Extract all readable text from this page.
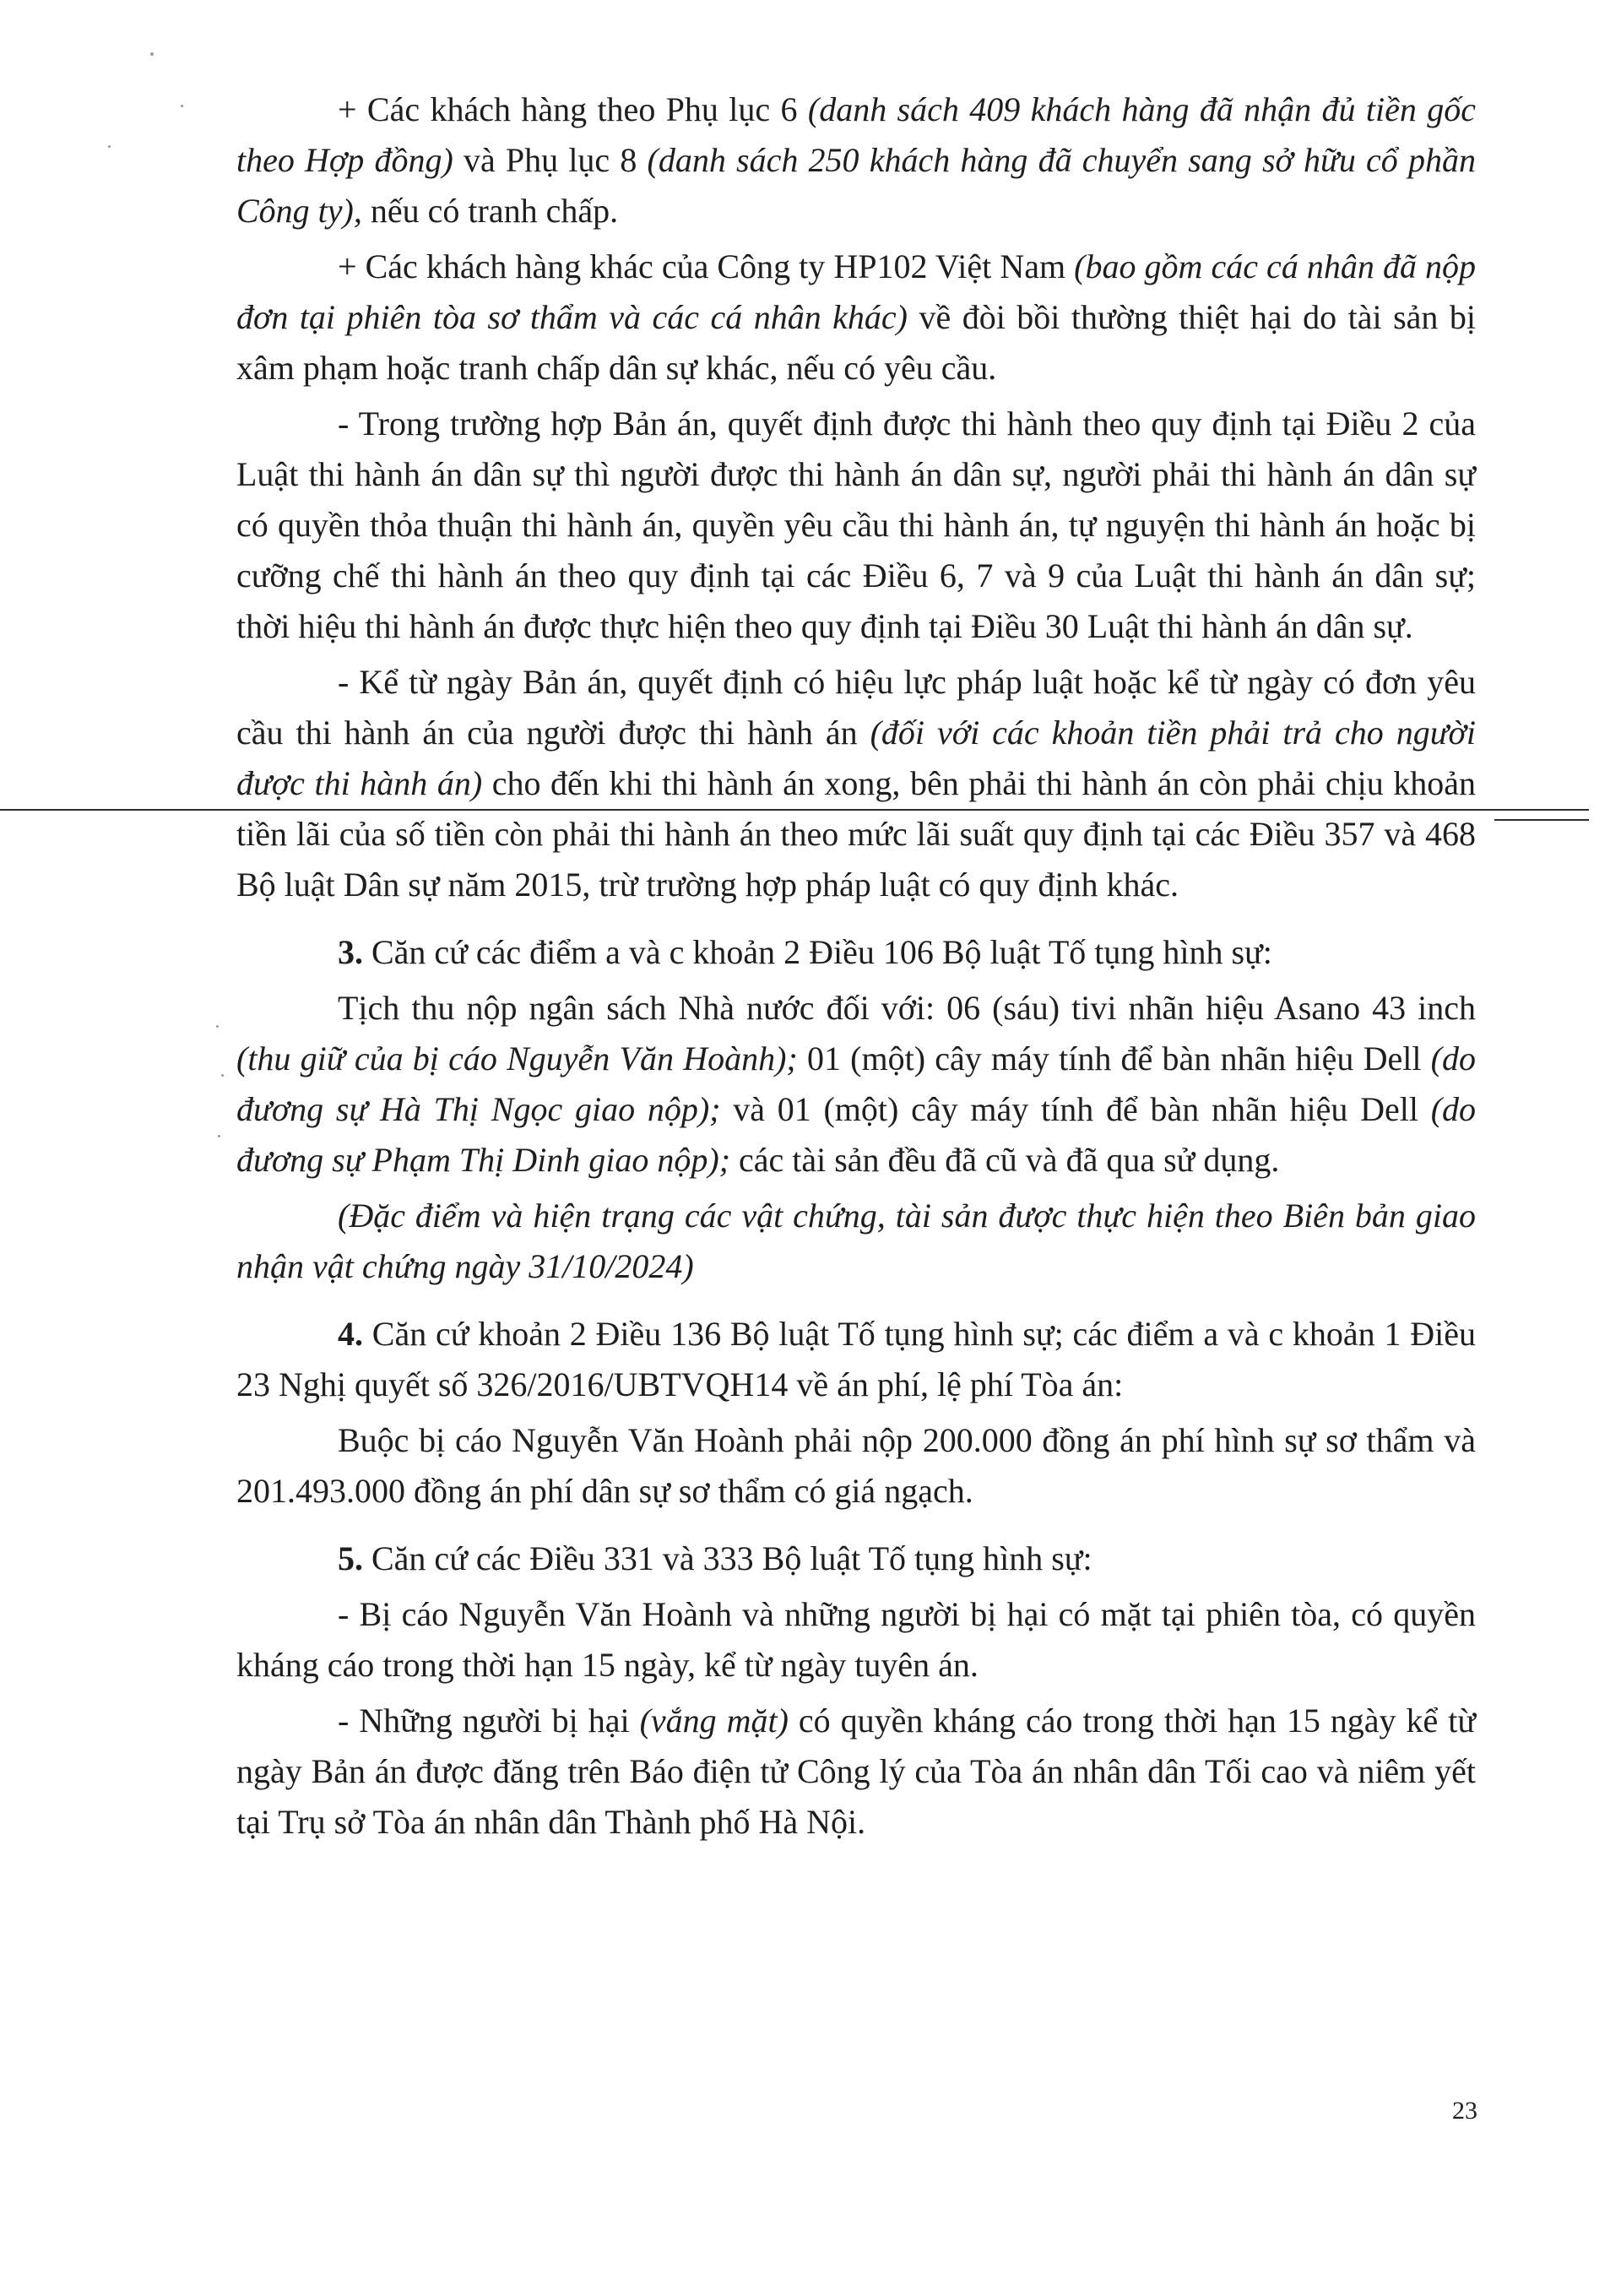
+ Các khách hàng theo Phụ lục 6 (danh sách 409 khách hàng đã nhận đủ tiền gốc theo Hợp đồng) và Phụ lục 8 (danh sách 250 khách hàng đã chuyển sang sở hữu cổ phần Công ty), nếu có tranh chấp.

+ Các khách hàng khác của Công ty HP102 Việt Nam (bao gồm các cá nhân đã nộp đơn tại phiên tòa sơ thẩm và các cá nhân khác) về đòi bồi thường thiệt hại do tài sản bị xâm phạm hoặc tranh chấp dân sự khác, nếu có yêu cầu.

- Trong trường hợp Bản án, quyết định được thi hành theo quy định tại Điều 2 của Luật thi hành án dân sự thì người được thi hành án dân sự, người phải thi hành án dân sự có quyền thỏa thuận thi hành án, quyền yêu cầu thi hành án, tự nguyện thi hành án hoặc bị cưỡng chế thi hành án theo quy định tại các Điều 6, 7 và 9 của Luật thi hành án dân sự; thời hiệu thi hành án được thực hiện theo quy định tại Điều 30 Luật thi hành án dân sự.

- Kể từ ngày Bản án, quyết định có hiệu lực pháp luật hoặc kể từ ngày có đơn yêu cầu thi hành án của người được thi hành án (đối với các khoản tiền phải trả cho người được thi hành án) cho đến khi thi hành án xong, bên phải thi hành án còn phải chịu khoản tiền lãi của số tiền còn phải thi hành án theo mức lãi suất quy định tại các Điều 357 và 468 Bộ luật Dân sự năm 2015, trừ trường hợp pháp luật có quy định khác.

3. Căn cứ các điểm a và c khoản 2 Điều 106 Bộ luật Tố tụng hình sự:

Tịch thu nộp ngân sách Nhà nước đối với: 06 (sáu) tivi nhãn hiệu Asano 43 inch (thu giữ của bị cáo Nguyễn Văn Hoành); 01 (một) cây máy tính để bàn nhãn hiệu Dell (do đương sự Hà Thị Ngọc giao nộp); và 01 (một) cây máy tính để bàn nhãn hiệu Dell (do đương sự Phạm Thị Dinh giao nộp); các tài sản đều đã cũ và đã qua sử dụng.

(Đặc điểm và hiện trạng các vật chứng, tài sản được thực hiện theo Biên bản giao nhận vật chứng ngày 31/10/2024)

4. Căn cứ khoản 2 Điều 136 Bộ luật Tố tụng hình sự; các điểm a và c khoản 1 Điều 23 Nghị quyết số 326/2016/UBTVQH14 về án phí, lệ phí Tòa án:

Buộc bị cáo Nguyễn Văn Hoành phải nộp 200.000 đồng án phí hình sự sơ thẩm và 201.493.000 đồng án phí dân sự sơ thẩm có giá ngạch.

5. Căn cứ các Điều 331 và 333 Bộ luật Tố tụng hình sự:

- Bị cáo Nguyễn Văn Hoành và những người bị hại có mặt tại phiên tòa, có quyền kháng cáo trong thời hạn 15 ngày, kể từ ngày tuyên án.

- Những người bị hại (vắng mặt) có quyền kháng cáo trong thời hạn 15 ngày kể từ ngày Bản án được đăng trên Báo điện tử Công lý của Tòa án nhân dân Tối cao và niêm yết tại Trụ sở Tòa án nhân dân Thành phố Hà Nội.

23
